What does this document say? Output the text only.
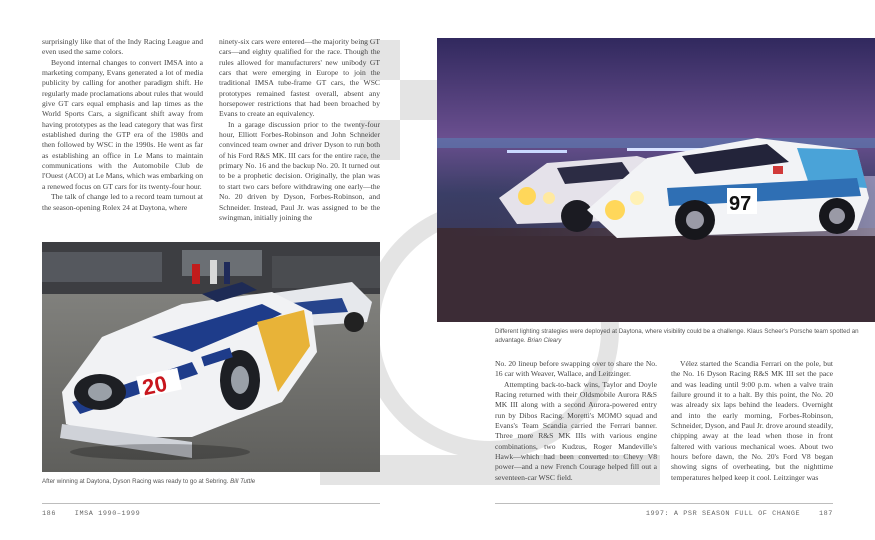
surprisingly like that of the Indy Racing League and even used the same colors.

Beyond internal changes to convert IMSA into a marketing company, Evans generated a lot of media publicity by calling for another paradigm shift. He regularly made proclamations about rules that would give GT cars equal emphasis and lap times as the World Sports Cars, a significant shift away from having prototypes as the lead category that was first established during the GTP era of the 1980s and then followed by WSC in the 1990s. He went as far as establishing an office in Le Mans to maintain communications with the Automobile Club de l'Ouest (ACO) at Le Mans, which was embarking on a renewed focus on GT cars for its twenty-four hour.

The talk of change led to a record team turnout at the season-opening Rolex 24 at Daytona, where

ninety-six cars were entered—the majority being GT cars—and eighty qualified for the race. Though the rules allowed for manufacturers' new unibody GT cars that were emerging in Europe to join the traditional IMSA tube-frame GT cars, the WSC prototypes remained fastest overall, absent any horsepower restrictions that had been broached by Evans to create an equivalency.

In a garage discussion prior to the twenty-four hour, Elliott Forbes-Robinson and John Schneider convinced team owner and driver Dyson to run both of his Ford R&S MK. III cars for the entire race, the primary No. 16 and the backup No. 20. It turned out to be a prophetic decision. Originally, the plan was to start two cars before withdrawing one early—the No. 20 driven by Dyson, Forbes-Robinson, and Schneider. Instead, Paul Jr. was assigned to be the swingman, initially joining the

20
After winning at Daytona, Dyson Racing was ready to go at Sebring. Bill Tuttle
186	IMSA 1990–1999
97
Different lighting strategies were deployed at Daytona, where visibility could be a challenge. Klaus Scheer's Porsche team spotted an advantage. Brian Cleary

No. 20 lineup before swapping over to share the No. 16 car with Weaver, Wallace, and Leitzinger.

Attempting back-to-back wins, Taylor and Doyle Racing returned with their Oldsmobile Aurora R&S MK III along with a second Aurora-powered entry run by Dibos Racing. Moretti's MOMO squad and Evans's Team Scandia carried the Ferrari banner. Three more R&S MK IIIs with various engine combinations, two Kudzus, Roger Mandeville's Hawk—which had been converted to Chevy V8 power—and a new French Courage helped fill out a seventeen-car WSC field.

Vélez started the Scandia Ferrari on the pole, but the No. 16 Dyson Racing R&S MK III set the pace and was leading until 9:00 p.m. when a valve train failure ground it to a halt. By this point, the No. 20 was already six laps behind the leaders. Overnight and into the early morning, Forbes-Robinson, Schneider, Dyson, and Paul Jr. drove around steadily, chipping away at the lead when those in front faltered with various mechanical woes. About two hours before dawn, the No. 20's Ford V8 began showing signs of overheating, but the nighttime temperatures helped keep it cool. Leitzinger was

1997: A PSR SEASON FULL OF CHANGE	187
